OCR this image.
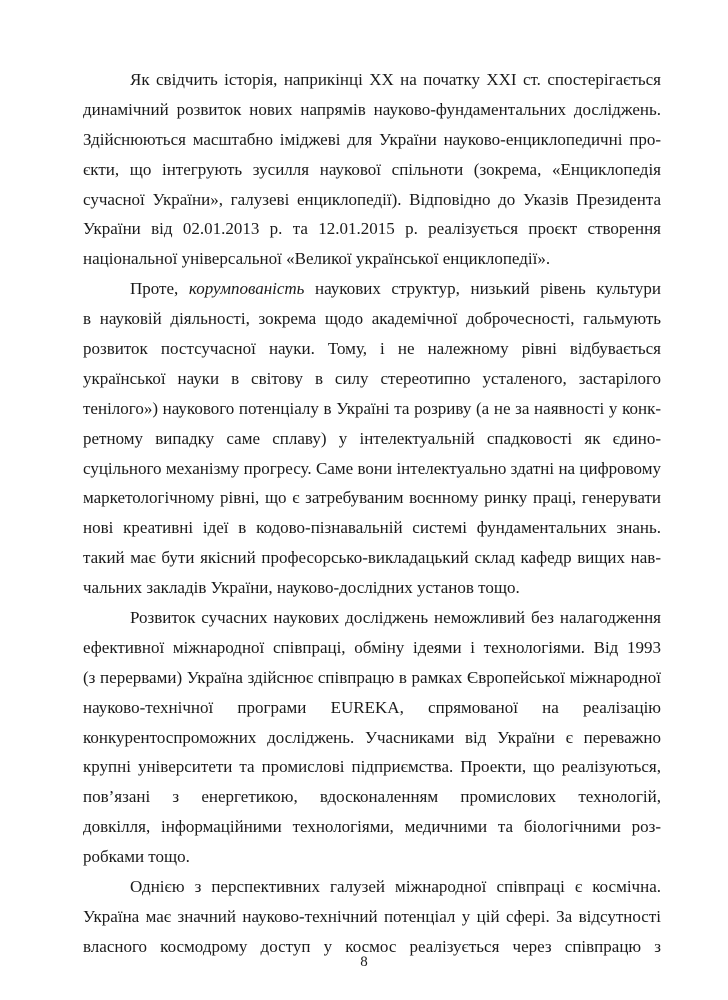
Як свідчить історія, наприкінці XX на початку XXI ст. спостерігається
динамічний розвиток нових напрямів науково-фундаментальних досліджень.
Здійснюються масштабно іміджеві для України науково-енциклопедичні про-
єкти, що інтегрують зусилля наукової спільноти (зокрема, «Енциклопедія
сучасної України», галузеві енциклопедії). Відповідно до Указів Президента
України від 02.01.2013 р. та 12.01.2015 р. реалізується проєкт створення
національної універсальної «Великої української енциклопедії».
Проте, корумпованість наукових структур, низький рівень культури
в науковій діяльності, зокрема щодо академічної доброчесності, гальмують
розвиток постсучасної науки. Тому, і не належному рівні відбувається
української науки в світову в силу стереотипно усталеного, застарілого
тенілого») наукового потенціалу в Україні та розриву (а не за наявності у конк-
ретному випадку саме сплаву) у інтелектуальній спадковості як єдино-
суцільного механізму прогресу. Саме вони інтелектуально здатні на цифровому
маркетологічному рівні, що є затребуваним воєнному ринку праці, генерувати
нові креативні ідеї в кодово-пізнавальній системі фундаментальних знань.
такий має бути якісний професорсько-викладацький склад кафедр вищих нав-
чальних закладів України, науково-дослідних установ тощо.
Розвиток сучасних наукових досліджень неможливий без налагодження
ефективної міжнародної співпраці, обміну ідеями і технологіями. Від 1993
(з перервами) Україна здійснює співпрацю в рамках Європейської міжнародної
науково-технічної програми EUREKA, спрямованої на реалізацію
конкурентоспроможних досліджень. Учасниками від України є переважно
крупні університети та промислові підприємства. Проекти, що реалізуються,
пов’язані з енергетикою, вдосконаленням промислових технологій,
довкілля, інформаційними технологіями, медичними та біологічними роз-
робками тощо.
Однією з перспективних галузей міжнародної співпраці є космічна.
Україна має значний науково-технічний потенціал у цій сфері. За відсутності
власного космодрому доступ у космос реалізується через співпрацю з
8
